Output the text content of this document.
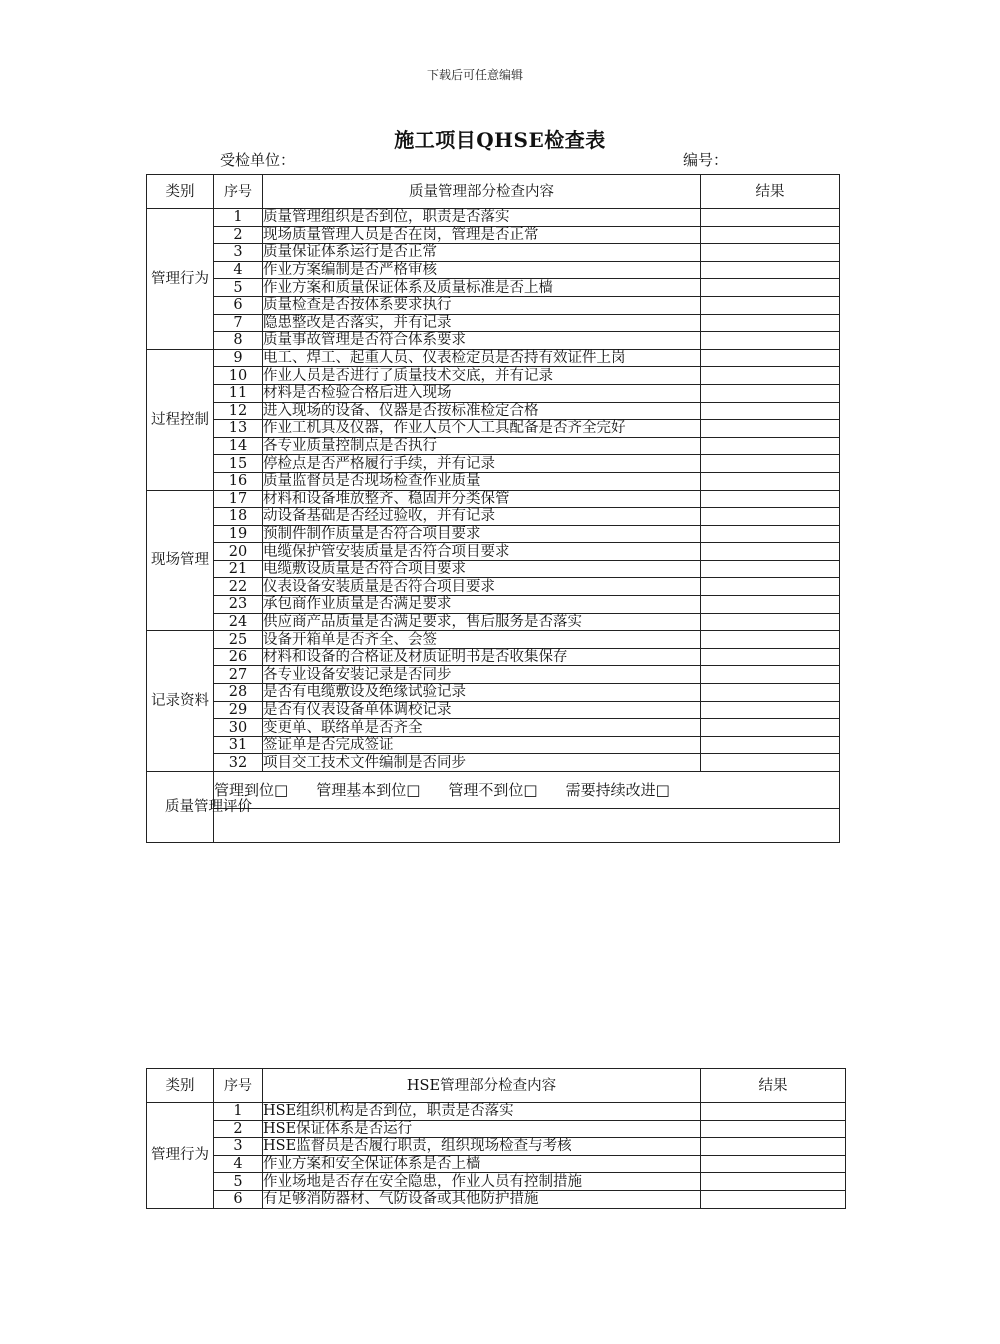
下载后可任意编辑
施工项目QHSE检查表
受检单位：	编号：
类别	序号	质量管理部分检查内容	结果
管理行为	1	质量管理组织是否到位，职责是否落实	
	2	现场质量管理人员是否在岗，管理是否正常	
	3	质量保证体系运行是否正常	
	4	作业方案编制是否严格审核	
	5	作业方案和质量保证体系及质量标准是否上樯	
	6	质量检查是否按体系要求执行	
	7	隐患整改是否落实，并有记录	
	8	质量事故管理是否符合体系要求	
过程控制	9	电工、焊工、起重人员、仪表检定员是否持有效证件上岗	
	10	作业人员是否进行了质量技术交底，并有记录	
	11	材料是否检验合格后进入现场	
	12	进入现场的设备、仪器是否按标准检定合格	
	13	作业工机具及仪器，作业人员个人工具配备是否齐全完好	
	14	各专业质量控制点是否执行	
	15	停检点是否严格履行手续，并有记录	
	16	质量监督员是否现场检查作业质量	
现场管理	17	材料和设备堆放整齐、稳固并分类保管	
	18	动设备基础是否经过验收，并有记录	
	19	预制件制作质量是否符合项目要求	
	20	电缆保护管安装质量是否符合项目要求	
	21	电缆敷设质量是否符合项目要求	
	22	仪表设备安装质量是否符合项目要求	
	23	承包商作业质量是否满足要求	
	24	供应商产品质量是否满足要求，售后服务是否落实	
记录资料	25	设备开箱单是否齐全、会签	
	26	材料和设备的合格证及材质证明书是否收集保存	
	27	各专业设备安装记录是否同步	
	28	是否有电缆敷设及绝缘试验记录	
	29	是否有仪表设备单体调校记录	
	30	变更单、联络单是否齐全	
	31	签证单是否完成签证	
	32	项目交工技术文件编制是否同步	
质量管理评价	管理到位□ 管理基本到位□ 管理不到位□ 需要持续改进□		

类别	序号	HSE管理部分检查内容	结果
管理行为	1	HSE组织机构是否到位，职责是否落实	
	2	HSE保证体系是否运行	
	3	HSE监督员是否履行职责，组织现场检查与考核	
	4	作业方案和安全保证体系是否上樯	
	5	作业场地是否存在安全隐患，作业人员有控制措施	
	6	有足够消防器材、气防设备或其他防护措施	
